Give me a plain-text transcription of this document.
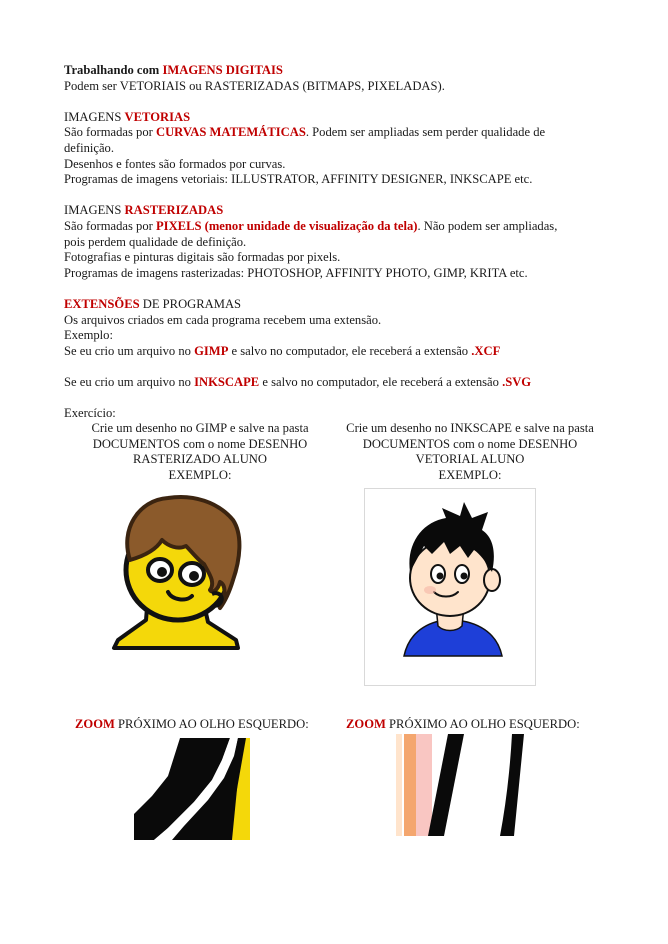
Trabalhando com IMAGENS DIGITAIS
Podem ser VETORIAIS ou RASTERIZADAS (BITMAPS, PIXELADAS).
IMAGENS VETORIAS
São formadas por CURVAS MATEMÁTICAS. Podem ser ampliadas sem perder qualidade de
definição.
Desenhos e fontes são formados por curvas.
Programas de imagens vetoriais: ILLUSTRATOR, AFFINITY DESIGNER, INKSCAPE etc.
IMAGENS RASTERIZADAS
São formadas por PIXELS (menor unidade de visualização da tela). Não podem ser ampliadas,
pois perdem qualidade de definição.
Fotografias e pinturas digitais são formadas por pixels.
Programas de imagens rasterizadas: PHOTOSHOP, AFFINITY PHOTO, GIMP, KRITA etc.
EXTENSÕES DE PROGRAMAS
Os arquivos criados em cada programa recebem uma extensão.
Exemplo:
Se eu crio um arquivo no GIMP e salvo no computador, ele receberá a extensão .XCF
Se eu crio um arquivo no INKSCAPE e salvo no computador, ele receberá a extensão .SVG
Exercício:
Crie um desenho no GIMP e salve na pasta
DOCUMENTOS com o nome DESENHO
RASTERIZADO ALUNO
EXEMPLO:
Crie um desenho no INKSCAPE e salve na pasta
DOCUMENTOS com o nome DESENHO
VETORIAL ALUNO
EXEMPLO:
ZOOM PRÓXIMO AO OLHO ESQUERDO:	ZOOM PRÓXIMO AO OLHO ESQUERDO:
